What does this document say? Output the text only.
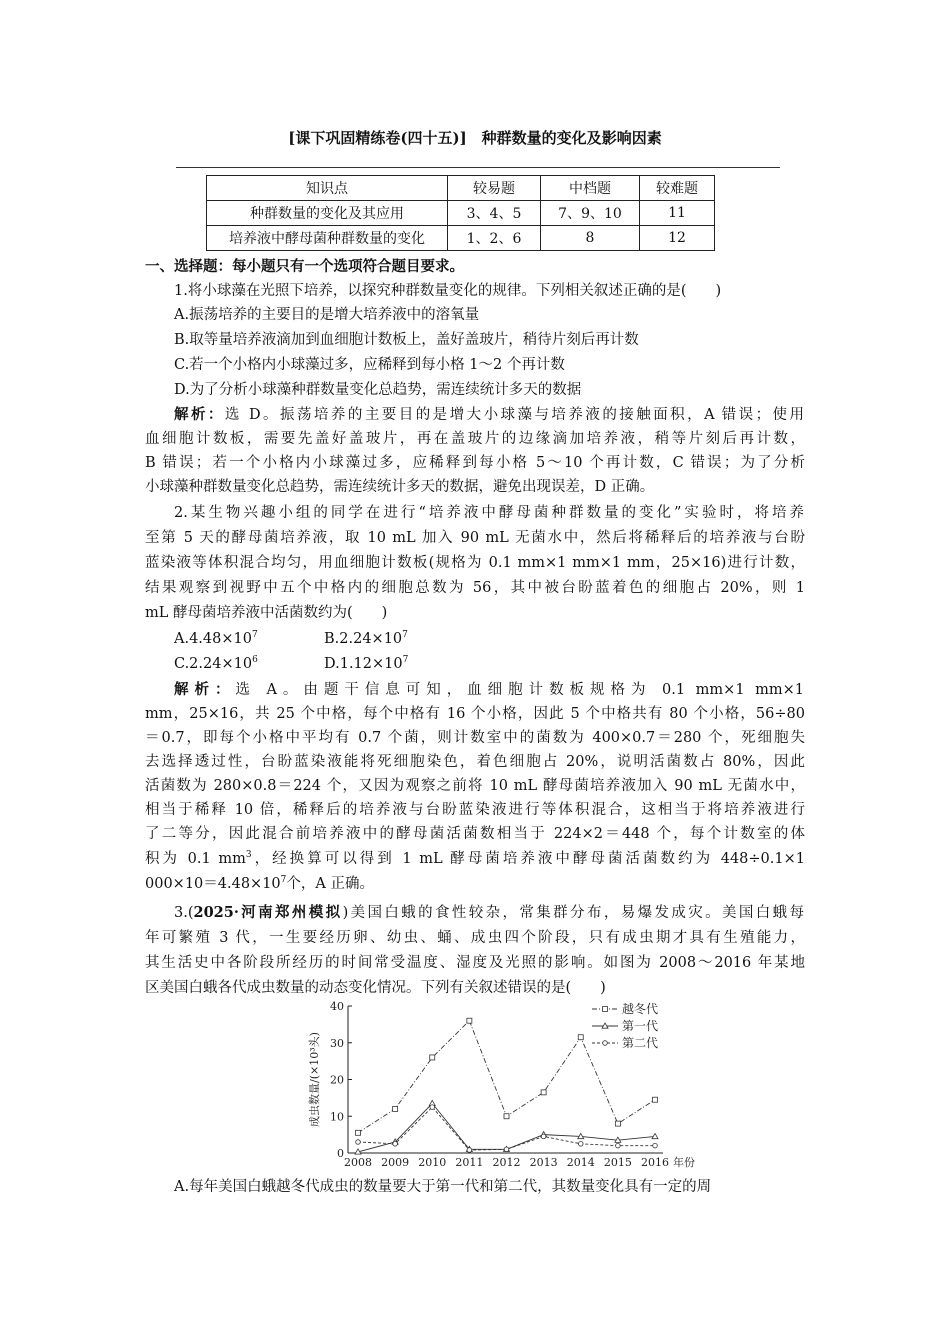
[课下巩固精练卷(四十五)]　种群数量的变化及影响因素
知识点	较易题	中档题	较难题
种群数量的变化及其应用	3、4、5	7、9、10	11
培养液中酵母菌种群数量的变化	1、2、6	8	12
一、选择题：每小题只有一个选项符合题目要求。
1.将小球藻在光照下培养，以探究种群数量变化的规律。下列相关叙述正确的是(　　)
A.振荡培养的主要目的是增大培养液中的溶氧量
B.取等量培养液滴加到血细胞计数板上，盖好盖玻片，稍待片刻后再计数
C.若一个小格内小球藻过多，应稀释到每小格 1～2 个再计数
D.为了分析小球藻种群数量变化总趋势，需连续统计多天的数据
解析：选 D。振荡培养的主要目的是增大小球藻与培养液的接触面积，A 错误；使用
血细胞计数板，需要先盖好盖玻片，再在盖玻片的边缘滴加培养液，稍等片刻后再计数，
B 错误；若一个小格内小球藻过多，应稀释到每小格 5～10 个再计数，C 错误；为了分析
小球藻种群数量变化总趋势，需连续统计多天的数据，避免出现误差，D 正确。
2.某生物兴趣小组的同学在进行“培养液中酵母菌种群数量的变化”实验时，将培养
至第 5 天的酵母菌培养液，取 10 mL 加入 90 mL 无菌水中，然后将稀释后的培养液与台盼
蓝染液等体积混合均匀，用血细胞计数板(规格为 0.1 mm×1 mm×1 mm，25×16)进行计数，
结果观察到视野中五个中格内的细胞总数为 56，其中被台盼蓝着色的细胞占 20%，则 1
mL 酵母菌培养液中活菌数约为(　　)
$A.4.48\times 10^7$	$B.2.24\times 10^7$
$C.2.24\times 10^6$	$D.1.12\times 10^7$
解析：选 A。由题干信息可知，血细胞计数板规格为 0.1 mm×1 mm×1
mm，25×16，共 25 个中格，每个中格有 16 个小格，因此 5 个中格共有 80 个小格，56÷80
＝0.7，即每个小格中平均有 0.7 个菌，则计数室中的菌数为 400×0.7＝280 个，死细胞失
去选择透过性，台盼蓝染液能将死细胞染色，着色细胞占 20%，说明活菌数占 80%，因此
活菌数为 280×0.8＝224 个，又因为观察之前将 10 mL 酵母菌培养液加入 90 mL 无菌水中，
相当于稀释 10 倍，稀释后的培养液与台盼蓝染液进行等体积混合，这相当于将培养液进行
了二等分，因此混合前培养液中的酵母菌活菌数相当于 224×2＝448 个，每个计数室的体
积为 0.1 $mm^3$，经换算可以得到 1 mL 酵母菌培养液中酵母菌活菌数约为 448÷0.1×1
$000\times 10=4.48\times 10^7$个，A 正确。
3.(2025·河南郑州模拟)美国白蛾的食性较杂，常集群分布，易爆发成灾。美国白蛾每
年可繁殖 3 代，一生要经历卵、幼虫、蛹、成虫四个阶段，只有成虫期才具有生殖能力，
其生活史中各阶段所经历的时间常受温度、湿度及光照的影响。如图为 2008～2016 年某地
区美国白蛾各代成虫数量的动态变化情况。下列有关叙述错误的是(　　)
0
10
20
30
40
2008 2009 2010 2011 2012 2013 2014 2015 2016 年份
成虫数量/(×10³头)
越冬代
第一代
第二代
A.每年美国白蛾越冬代成虫的数量要大于第一代和第二代，其数量变化具有一定的周
